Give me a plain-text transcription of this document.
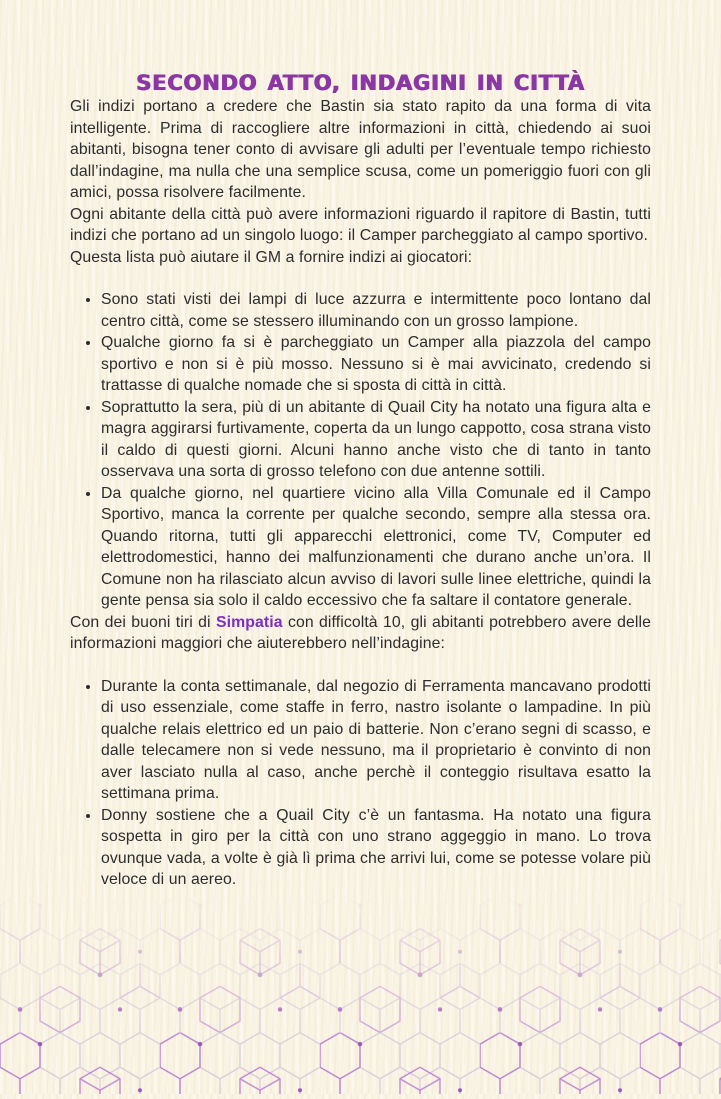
SECONDO ATTO, INDAGINI IN CITTÀ

Gli indizi portano a credere che Bastin sia stato rapito da una forma di vita intelligente. Prima di raccogliere altre informazioni in città, chiedendo ai suoi abitanti, bisogna tener conto di avvisare gli adulti per l’eventuale tempo richiesto dall’indagine, ma nulla che una semplice scusa, come un pomeriggio fuori con gli amici, possa risolvere facilmente.

Ogni abitante della città può avere informazioni riguardo il rapitore di Bastin, tutti indizi che portano ad un singolo luogo: il Camper parcheggiato al campo sportivo.

Questa lista può aiutare il GM a fornire indizi ai giocatori:

• Sono stati visti dei lampi di luce azzurra e intermittente poco lontano dal centro città, come se stessero illuminando con un grosso lampione.
• Qualche giorno fa si è parcheggiato un Camper alla piazzola del campo sportivo e non si è più mosso. Nessuno si è mai avvicinato, credendo si trattasse di qualche nomade che si sposta di città in città.
• Soprattutto la sera, più di un abitante di Quail City ha notato una figura alta e magra aggirarsi furtivamente, coperta da un lungo cappotto, cosa strana visto il caldo di questi giorni. Alcuni hanno anche visto che di tanto in tanto osservava una sorta di grosso telefono con due antenne sottili.
• Da qualche giorno, nel quartiere vicino alla Villa Comunale ed il Campo Sportivo, manca la corrente per qualche secondo, sempre alla stessa ora. Quando ritorna, tutti gli apparecchi elettronici, come TV, Computer ed elettrodomestici, hanno dei malfunzionamenti che durano anche un’ora. Il Comune non ha rilasciato alcun avviso di lavori sulle linee elettriche, quindi la gente pensa sia solo il caldo eccessivo che fa saltare il contatore generale.

Con dei buoni tiri di Simpatia con difficoltà 10, gli abitanti potrebbero avere delle informazioni maggiori che aiuterebbero nell’indagine:

• Durante la conta settimanale, dal negozio di Ferramenta mancavano prodotti di uso essenziale, come staffe in ferro, nastro isolante o lampadine. In più qualche relais elettrico ed un paio di batterie. Non c’erano segni di scasso, e dalle telecamere non si vede nessuno, ma il proprietario è convinto di non aver lasciato nulla al caso, anche perchè il conteggio risultava esatto la settimana prima.
• Donny sostiene che a Quail City c’è un fantasma. Ha notato una figura sospetta in giro per la città con uno strano aggeggio in mano. Lo trova ovunque vada, a volte è già lì prima che arrivi lui, come se potesse volare più veloce di un aereo.
